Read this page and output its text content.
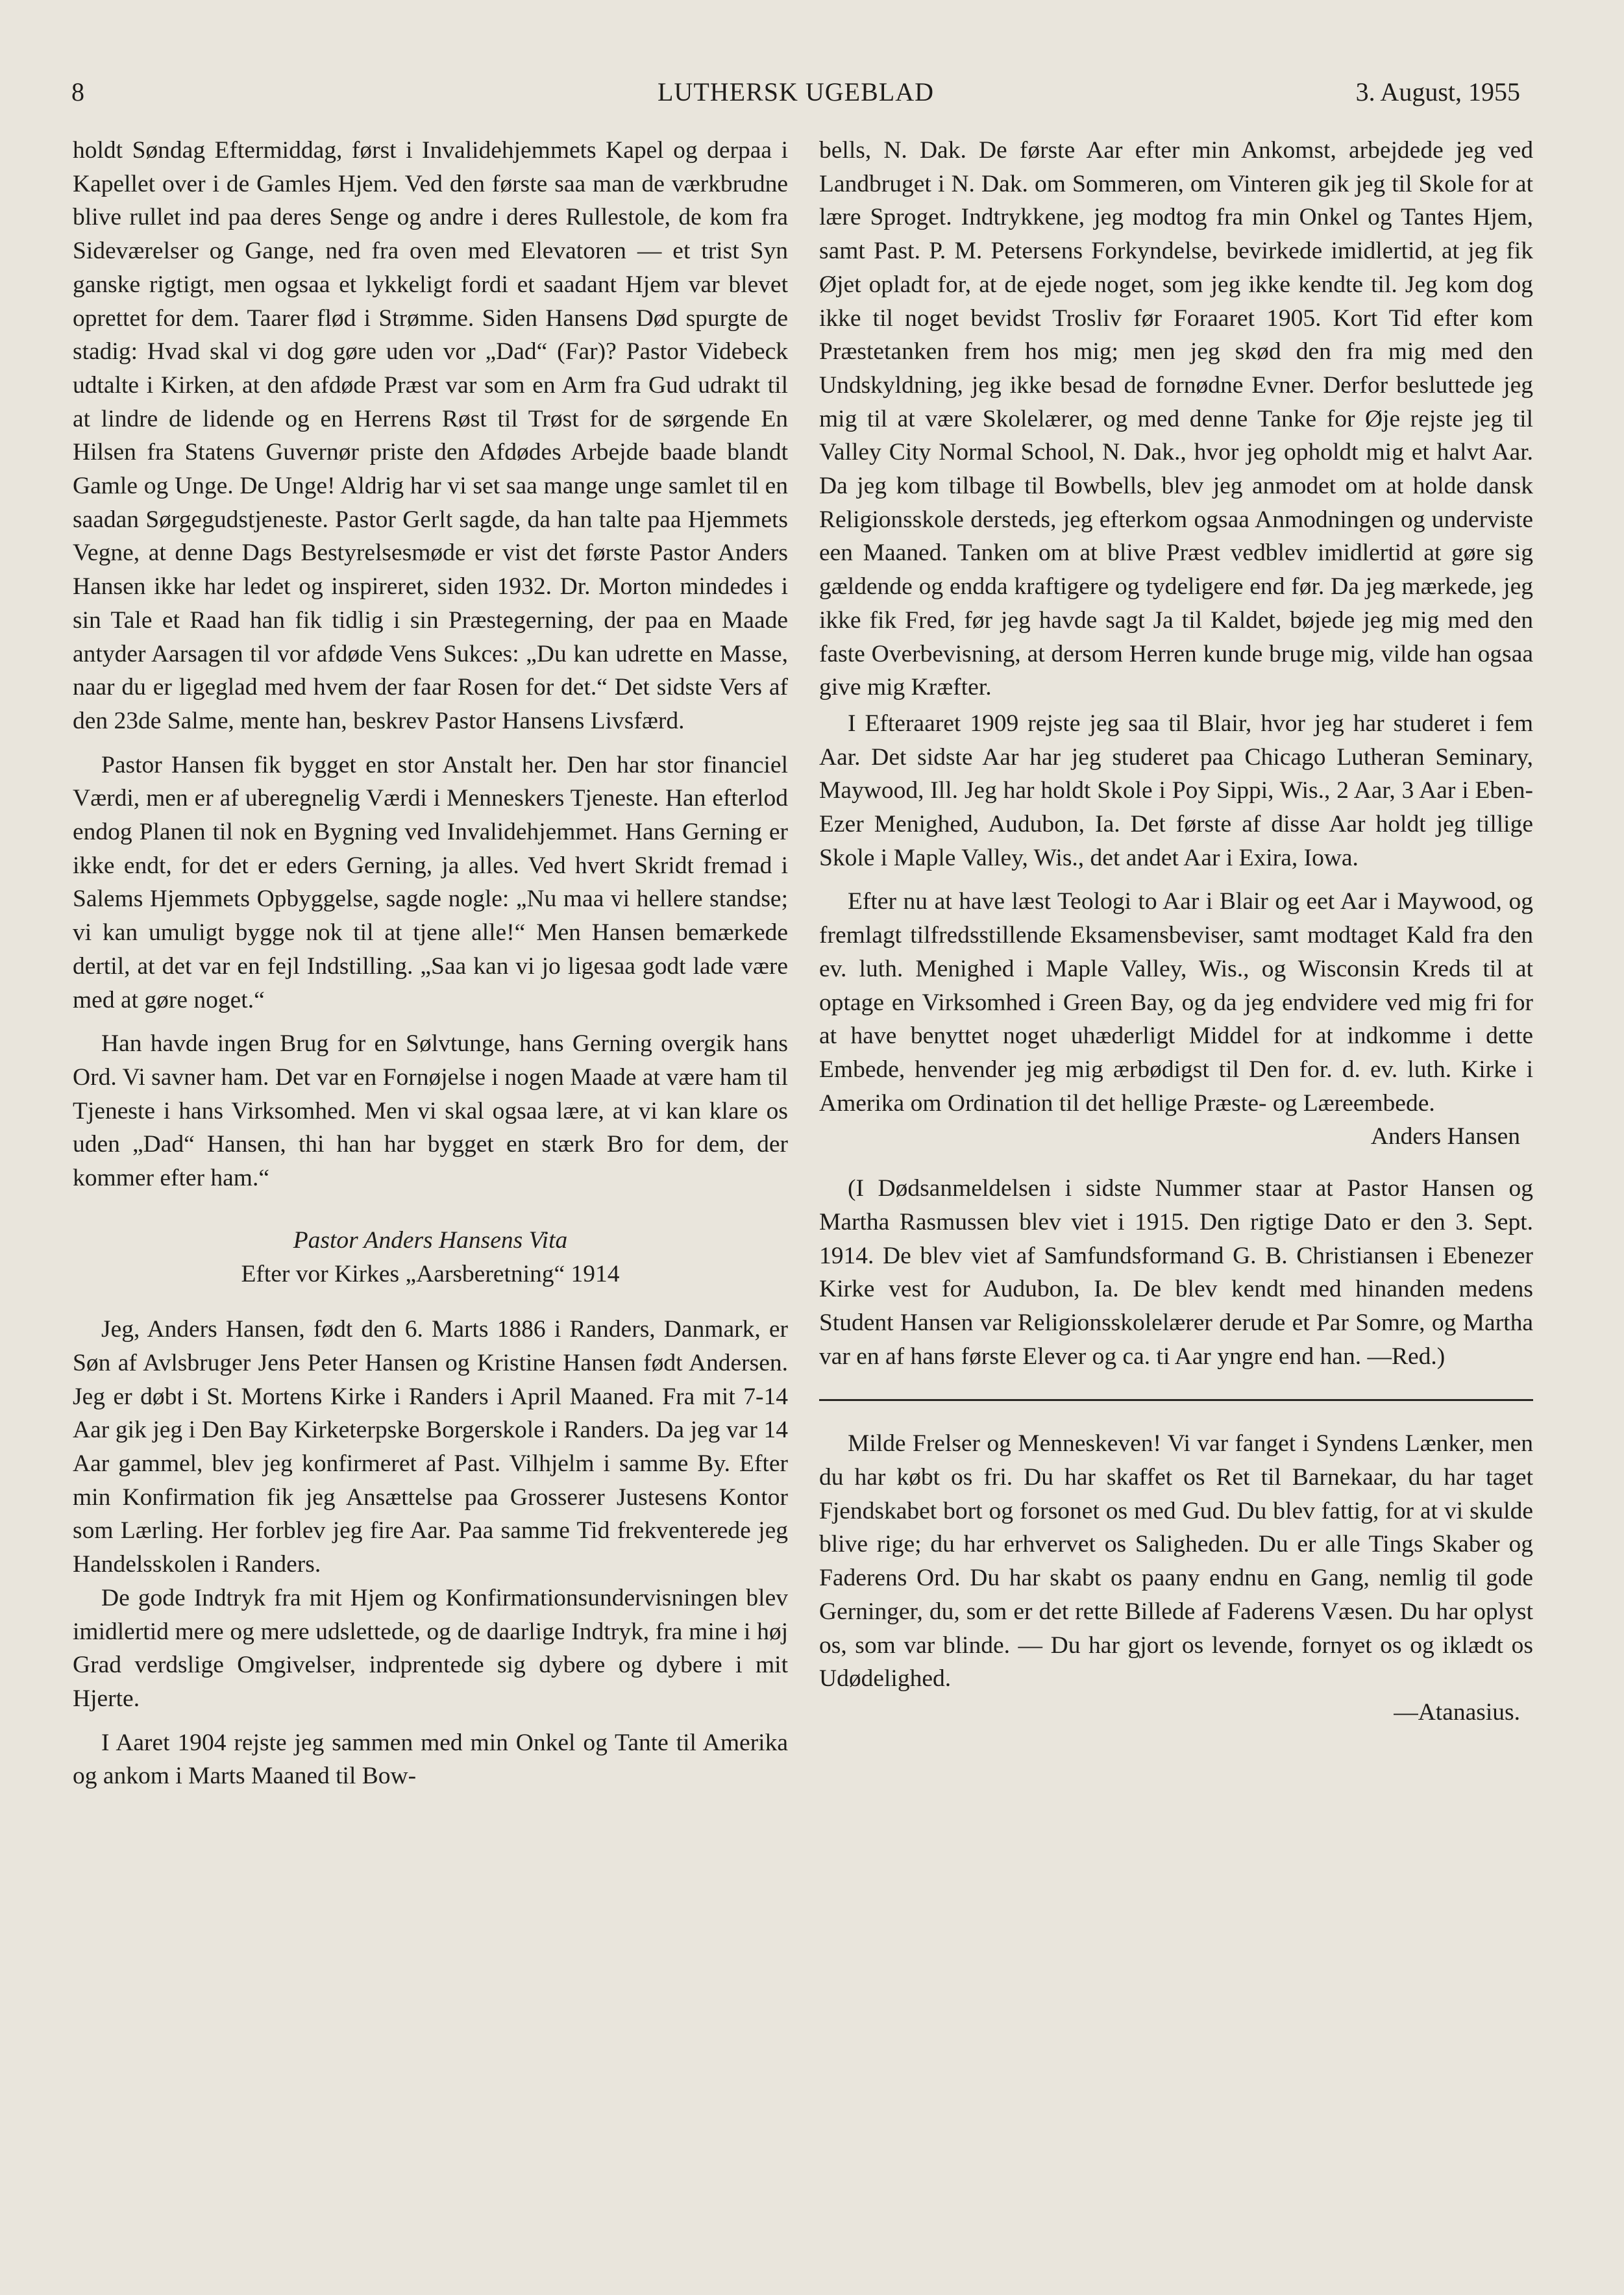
8	LUTHERSK UGEBLAD	3. August, 1955

holdt Søndag Eftermiddag, først i Invalidehjemmets Kapel og derpaa i Kapellet over i de Gamles Hjem. Ved den første saa man de værkbrudne blive rullet ind paa deres Senge og andre i deres Rullestole, de kom fra Sideværelser og Gange, ned fra oven med Elevatoren — et trist Syn ganske rigtigt, men ogsaa et lykkeligt fordi et saadant Hjem var blevet oprettet for dem. Taarer flød i Strømme. Siden Hansens Død spurgte de stadig: Hvad skal vi dog gøre uden vor „Dad“ (Far)? Pastor Videbeck udtalte i Kirken, at den afdøde Præst var som en Arm fra Gud udrakt til at lindre de lidende og en Herrens Røst til Trøst for de sørgende En Hilsen fra Statens Guvernør priste den Afdødes Arbejde baade blandt Gamle og Unge. De Unge! Aldrig har vi set saa mange unge samlet til en saadan Sørgegudstjeneste. Pastor Gerlt sagde, da han talte paa Hjemmets Vegne, at denne Dags Bestyrelsesmøde er vist det første Pastor Anders Hansen ikke har ledet og inspireret, siden 1932. Dr. Morton mindedes i sin Tale et Raad han fik tidlig i sin Præstegerning, der paa en Maade antyder Aarsagen til vor afdøde Vens Sukces: „Du kan udrette en Masse, naar du er ligeglad med hvem der faar Rosen for det.“ Det sidste Vers af den 23de Salme, mente han, beskrev Pastor Hansens Livsfærd.

Pastor Hansen fik bygget en stor Anstalt her. Den har stor financiel Værdi, men er af uberegnelig Værdi i Menneskers Tjeneste. Han efterlod endog Planen til nok en Bygning ved Invalidehjemmet. Hans Gerning er ikke endt, for det er eders Gerning, ja alles. Ved hvert Skridt fremad i Salems Hjemmets Opbyggelse, sagde nogle: „Nu maa vi hellere standse; vi kan umuligt bygge nok til at tjene alle!“ Men Hansen bemærkede dertil, at det var en fejl Indstilling. „Saa kan vi jo ligesaa godt lade være med at gøre noget.“

Han havde ingen Brug for en Sølvtunge, hans Gerning overgik hans Ord. Vi savner ham. Det var en Fornøjelse i nogen Maade at være ham til Tjeneste i hans Virksomhed. Men vi skal ogsaa lære, at vi kan klare os uden „Dad“ Hansen, thi han har bygget en stærk Bro for dem, der kommer efter ham.“

Pastor Anders Hansens Vita

Efter vor Kirkes „Aarsberetning“ 1914

Jeg, Anders Hansen, født den 6. Marts 1886 i Randers, Danmark, er Søn af Avlsbruger Jens Peter Hansen og Kristine Hansen født Andersen. Jeg er døbt i St. Mortens Kirke i Randers i April Maaned. Fra mit 7-14 Aar gik jeg i Den Bay Kirketerpske Borgerskole i Randers. Da jeg var 14 Aar gammel, blev jeg konfirmeret af Past. Vilhjelm i samme By. Efter min Konfirmation fik jeg Ansættelse paa Grosserer Justesens Kontor som Lærling. Her forblev jeg fire Aar. Paa samme Tid frekventerede jeg Handelsskolen i Randers.

De gode Indtryk fra mit Hjem og Konfirmationsundervisningen blev imidlertid mere og mere udslettede, og de daarlige Indtryk, fra mine i høj Grad verdslige Omgivelser, indprentede sig dybere og dybere i mit Hjerte.

I Aaret 1904 rejste jeg sammen med min Onkel og Tante til Amerika og ankom i Marts Maaned til Bow-

bells, N. Dak. De første Aar efter min Ankomst, arbejdede jeg ved Landbruget i N. Dak. om Sommeren, om Vinteren gik jeg til Skole for at lære Sproget. Indtrykkene, jeg modtog fra min Onkel og Tantes Hjem, samt Past. P. M. Petersens Forkyndelse, bevirkede imidlertid, at jeg fik Øjet opladt for, at de ejede noget, som jeg ikke kendte til. Jeg kom dog ikke til noget bevidst Trosliv før Foraaret 1905. Kort Tid efter kom Præstetanken frem hos mig; men jeg skød den fra mig med den Undskyldning, jeg ikke besad de fornødne Evner. Derfor besluttede jeg mig til at være Skolelærer, og med denne Tanke for Øje rejste jeg til Valley City Normal School, N. Dak., hvor jeg opholdt mig et halvt Aar. Da jeg kom tilbage til Bowbells, blev jeg anmodet om at holde dansk Religionsskole dersteds, jeg efterkom ogsaa Anmodningen og underviste een Maaned. Tanken om at blive Præst vedblev imidlertid at gøre sig gældende og endda kraftigere og tydeligere end før. Da jeg mærkede, jeg ikke fik Fred, før jeg havde sagt Ja til Kaldet, bøjede jeg mig med den faste Overbevisning, at dersom Herren kunde bruge mig, vilde han ogsaa give mig Kræfter.

I Efteraaret 1909 rejste jeg saa til Blair, hvor jeg har studeret i fem Aar. Det sidste Aar har jeg studeret paa Chicago Lutheran Seminary, Maywood, Ill. Jeg har holdt Skole i Poy Sippi, Wis., 2 Aar, 3 Aar i Eben-Ezer Menighed, Audubon, Ia. Det første af disse Aar holdt jeg tillige Skole i Maple Valley, Wis., det andet Aar i Exira, Iowa.

Efter nu at have læst Teologi to Aar i Blair og eet Aar i Maywood, og fremlagt tilfredsstillende Eksamensbeviser, samt modtaget Kald fra den ev. luth. Menighed i Maple Valley, Wis., og Wisconsin Kreds til at optage en Virksomhed i Green Bay, og da jeg endvidere ved mig fri for at have benyttet noget uhæderligt Middel for at indkomme i dette Embede, henvender jeg mig ærbødigst til Den for. d. ev. luth. Kirke i Amerika om Ordination til det hellige Præste- og Læreembede.

Anders Hansen

(I Dødsanmeldelsen i sidste Nummer staar at Pastor Hansen og Martha Rasmussen blev viet i 1915. Den rigtige Dato er den 3. Sept. 1914. De blev viet af Samfundsformand G. B. Christiansen i Ebenezer Kirke vest for Audubon, Ia. De blev kendt med hinanden medens Student Hansen var Religionsskolelærer derude et Par Somre, og Martha var en af hans første Elever og ca. ti Aar yngre end han. —Red.)

Milde Frelser og Menneskeven! Vi var fanget i Syndens Lænker, men du har købt os fri. Du har skaffet os Ret til Barnekaar, du har taget Fjendskabet bort og forsonet os med Gud. Du blev fattig, for at vi skulde blive rige; du har erhvervet os Saligheden. Du er alle Tings Skaber og Faderens Ord. Du har skabt os paany endnu en Gang, nemlig til gode Gerninger, du, som er det rette Billede af Faderens Væsen. Du har oplyst os, som var blinde. — Du har gjort os levende, fornyet os og iklædt os Udødelighed.

—Atanasius.
